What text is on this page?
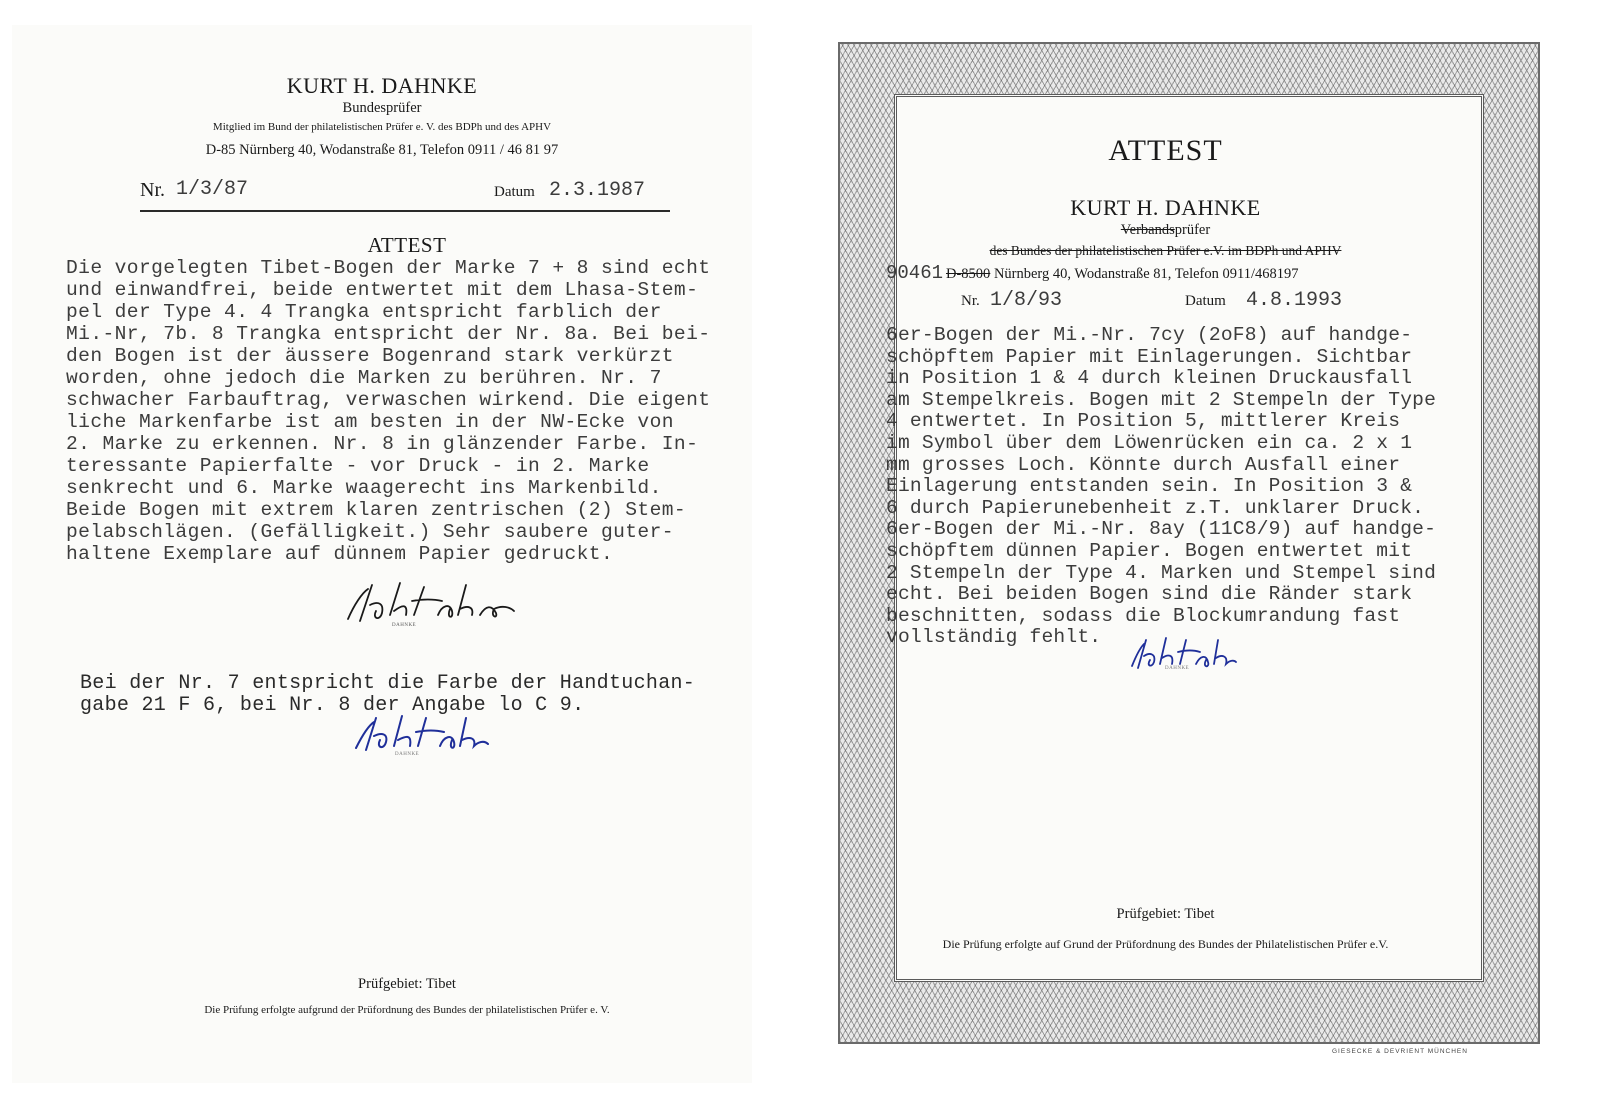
KURT H. DAHNKE
Bundesprüfer
Mitglied im Bund der philatelistischen Prüfer e. V. des BDPh und des APHV
D-85 Nürnberg 40, Wodanstraße 81, Telefon 0911 / 46 81 97
Nr. 1/3/87	Datum 2.3.1987
ATTEST
Die vorgelegten Tibet-Bogen der Marke 7 + 8 sind echt
und einwandfrei, beide entwertet mit dem Lhasa-Stem-
pel der Type 4. 4 Trangka entspricht farblich der
Mi.-Nr, 7b. 8 Trangka entspricht der Nr. 8a. Bei bei-
den Bogen ist der äussere Bogenrand stark verkürzt
worden, ohne jedoch die Marken zu berühren. Nr. 7
schwacher Farbauftrag, verwaschen wirkend. Die eigent
liche Markenfarbe ist am besten in der NW-Ecke von
2. Marke zu erkennen. Nr. 8 in glänzender Farbe. In-
teressante Papierfalte - vor Druck - in 2. Marke
senkrecht und 6. Marke waagerecht ins Markenbild.
Beide Bogen mit extrem klaren zentrischen (2) Stem-
pelabschlägen. (Gefälligkeit.) Sehr saubere guter-
haltene Exemplare auf dünnem Papier gedruckt.
DAHNKE
Bei der Nr. 7 entspricht die Farbe der Handtuchan-
gabe 21 F 6, bei Nr. 8 der Angabe lo C 9.
DAHNKE
Prüfgebiet: Tibet
Die Prüfung erfolgte aufgrund der Prüfordnung des Bundes der philatelistischen Prüfer e. V.
ATTEST
KURT H. DAHNKE
Verbandsprüfer
des Bundes der philatelistischen Prüfer e.V. im BDPh und APHV
90461 D-8500 Nürnberg 40, Wodanstraße 81, Telefon 0911/468197
Nr. 1/8/93	Datum 4.8.1993
6er-Bogen der Mi.-Nr. 7cy (2oF8) auf handge-
schöpftem Papier mit Einlagerungen. Sichtbar
in Position 1 & 4 durch kleinen Druckausfall
am Stempelkreis. Bogen mit 2 Stempeln der Type
4 entwertet. In Position 5, mittlerer Kreis
im Symbol über dem Löwenrücken ein ca. 2 x 1
mm grosses Loch. Könnte durch Ausfall einer
Einlagerung entstanden sein. In Position 3 &
6 durch Papierunebenheit z.T. unklarer Druck.
6er-Bogen der Mi.-Nr. 8ay (11C8/9) auf handge-
schöpftem dünnen Papier. Bogen entwertet mit
2 Stempeln der Type 4. Marken und Stempel sind
echt. Bei beiden Bogen sind die Ränder stark
beschnitten, sodass die Blockumrandung fast
vollständig fehlt.
DAHNKE
Prüfgebiet: Tibet
Die Prüfung erfolgte auf Grund der Prüfordnung des Bundes der Philatelistischen Prüfer e.V.
GIESECKE & DEVRIENT MÜNCHEN
